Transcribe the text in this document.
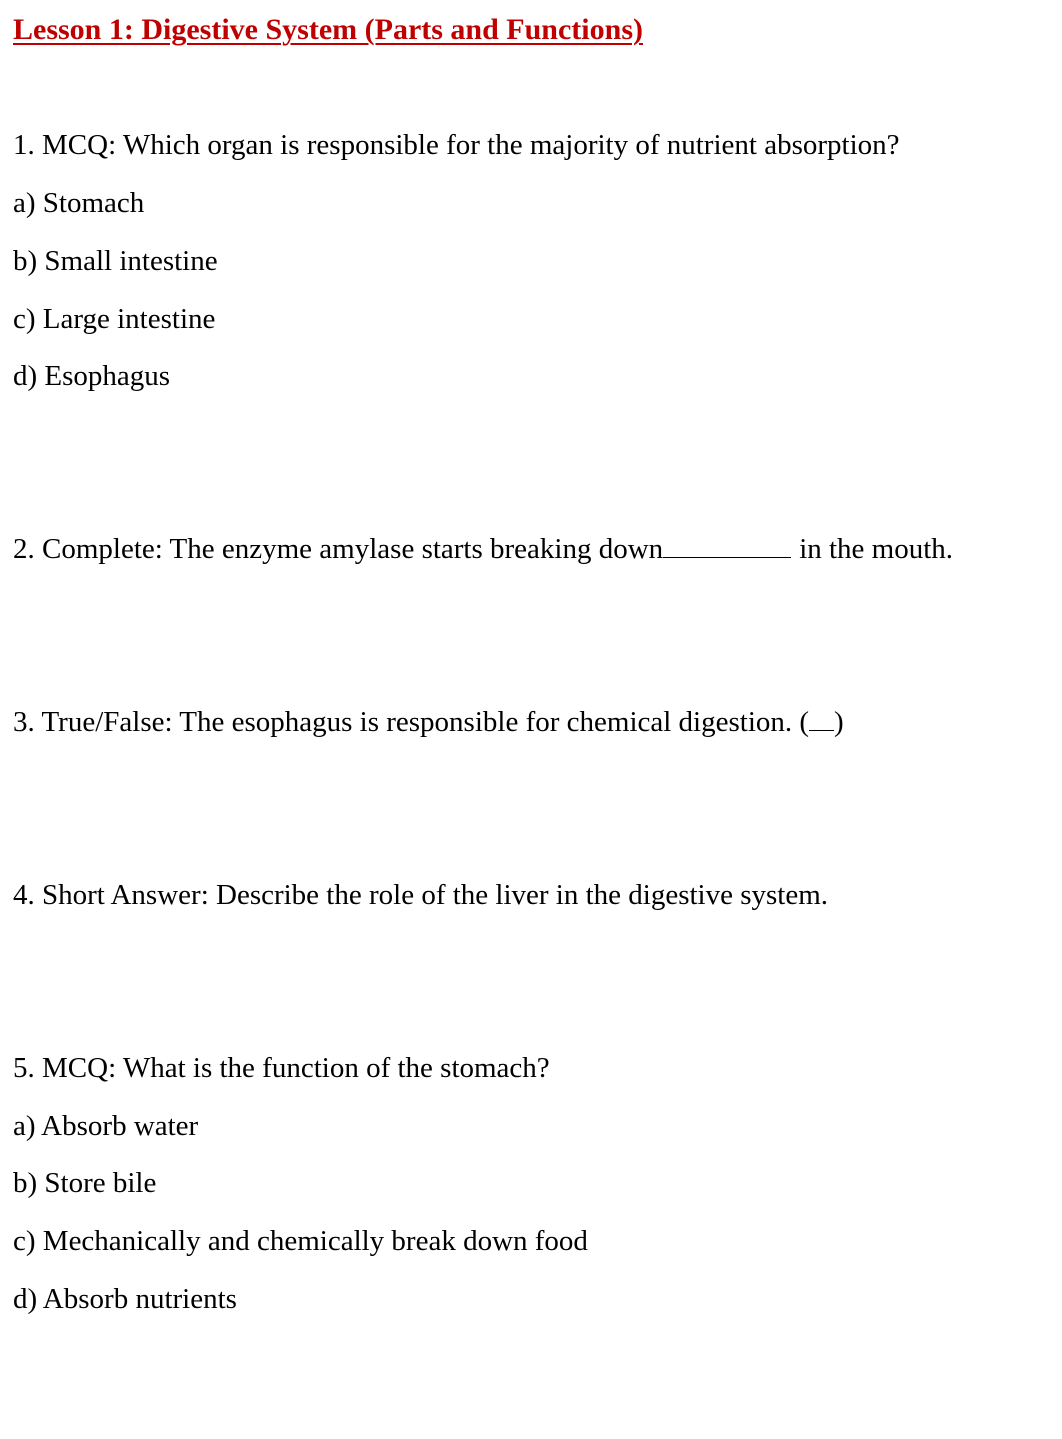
Lesson 1: Digestive System (Parts and Functions)
1. MCQ: Which organ is responsible for the majority of nutrient absorption?
a) Stomach
b) Small intestine
c) Large intestine
d) Esophagus
2. Complete: The enzyme amylase starts breaking down	in the mouth.
3. True/False: The esophagus is responsible for chemical digestion. ( )
4. Short Answer: Describe the role of the liver in the digestive system.
5. MCQ: What is the function of the stomach?
a) Absorb water
b) Store bile
c) Mechanically and chemically break down food
d) Absorb nutrients
